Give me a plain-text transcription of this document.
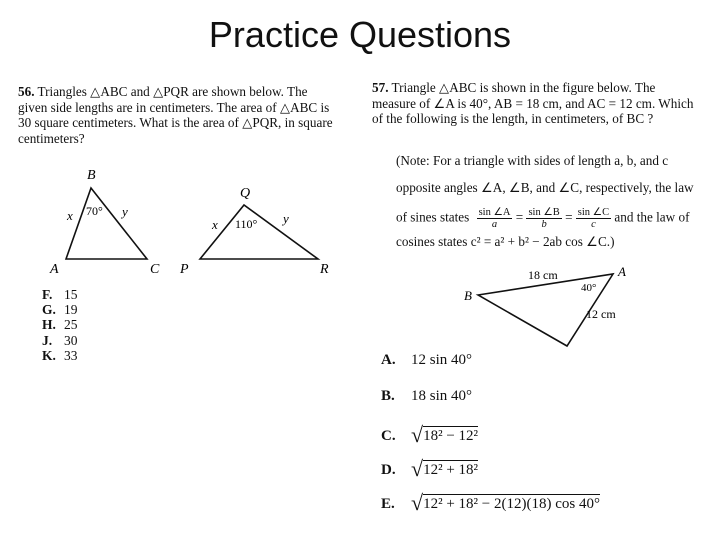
Practice Questions
56. Triangles △ABC and △PQR are shown below. The given side lengths are in centimeters. The area of △ABC is 30 square centimeters. What is the area of △PQR, in square centimeters?
B
A	C
x	y
70°
Q
P	R
x	y
110°
F. 15
G. 19
H. 25
J. 30
K. 33
57. Triangle △ABC is shown in the figure below. The measure of ∠A is 40°, AB = 18 cm, and AC = 12 cm. Which of the following is the length, in centimeters, of BC ?
(Note: For a triangle with sides of length a, b, and c
opposite angles ∠A, ∠B, and ∠C, respectively, the law
of sines states $\frac{\sin \angle A}{a} = \frac{\sin \angle B}{b} = \frac{\sin \angle C}{c}$ and the law of
cosines states c² = a² + b² − 2ab cos ∠C.)
A
B
18 cm
12 cm
40°
A. 12 sin 40°
B. 18 sin 40°
C. √18² − 12²
D. √12² + 18²
E. √12² + 18² − 2(12)(18) cos 40°
